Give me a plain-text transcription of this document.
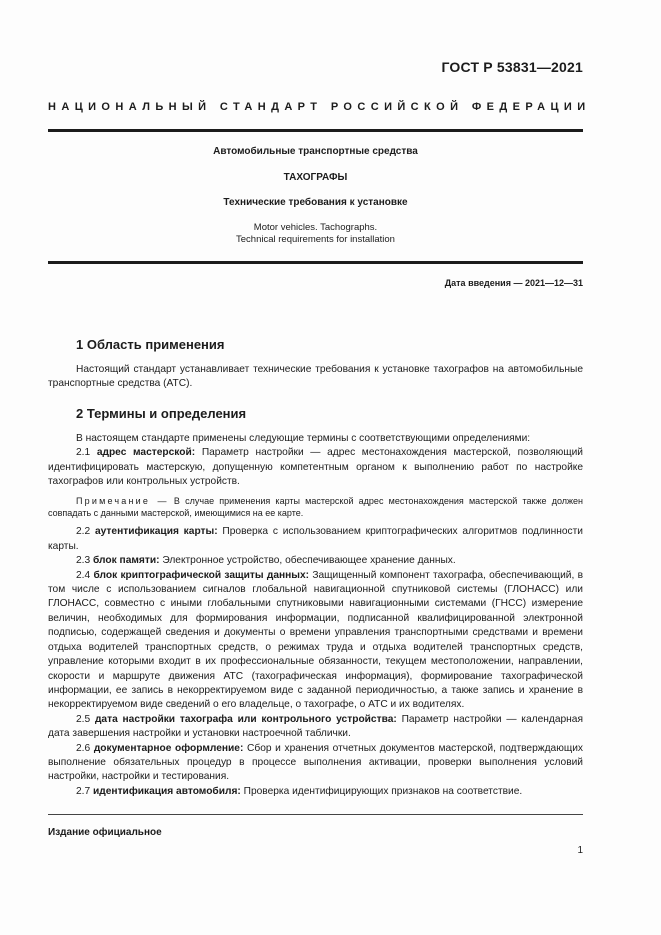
ГОСТ Р 53831—2021
НАЦИОНАЛЬНЫЙ СТАНДАРТ РОССИЙСКОЙ ФЕДЕРАЦИИ
Автомобильные транспортные средства
ТАХОГРАФЫ
Технические требования к установке
Motor vehicles. Tachographs.
Technical requirements for installation
Дата введения — 2021—12—31
1 Область применения

Настоящий стандарт устанавливает технические требования к установке тахографов на автомобильные транспортные средства (АТС).

2 Термины и определения

В настоящем стандарте применены следующие термины с соответствующими определениями:

2.1 адрес мастерской: Параметр настройки — адрес местонахождения мастерской, позволяющий идентифицировать мастерскую, допущенную компетентным органом к выполнению работ по настройке тахографов или контрольных устройств.

Примечание — В случае применения карты мастерской адрес местонахождения мастерской также должен совпадать с данными мастерской, имеющимися на ее карте.

2.2 аутентификация карты: Проверка с использованием криптографических алгоритмов подлинности карты.

2.3 блок памяти: Электронное устройство, обеспечивающее хранение данных.

2.4 блок криптографической защиты данных: Защищенный компонент тахографа, обеспечивающий, в том числе с использованием сигналов глобальной навигационной спутниковой системы (ГЛОНАСС) или ГЛОНАСС, совместно с иными глобальными спутниковыми навигационными системами (ГНСС) измерение величин, необходимых для формирования информации, подписанной квалифицированной электронной подписью, содержащей сведения и документы о времени управления транспортными средствами и времени отдыха водителей транспортных средств, о режимах труда и отдыха водителей транспортных средств, управление которыми входит в их профессиональные обязанности, текущем местоположении, направлении, скорости и маршруте движения АТС (тахографическая информация), формирование тахографической информации, ее запись в некорректируемом виде с заданной периодичностью, а также запись и хранение в некорректируемом виде сведений о его владельце, о тахографе, о АТС и их водителях.

2.5 дата настройки тахографа или контрольного устройства: Параметр настройки — календарная дата завершения настройки и установки настроечной таблички.

2.6 документарное оформление: Сбор и хранения отчетных документов мастерской, подтверждающих выполнение обязательных процедур в процессе выполнения активации, проверки выполнения условий настройки, настройки и тестирования.

2.7 идентификация автомобиля: Проверка идентифицирующих признаков на соответствие.

Издание официальное
1
